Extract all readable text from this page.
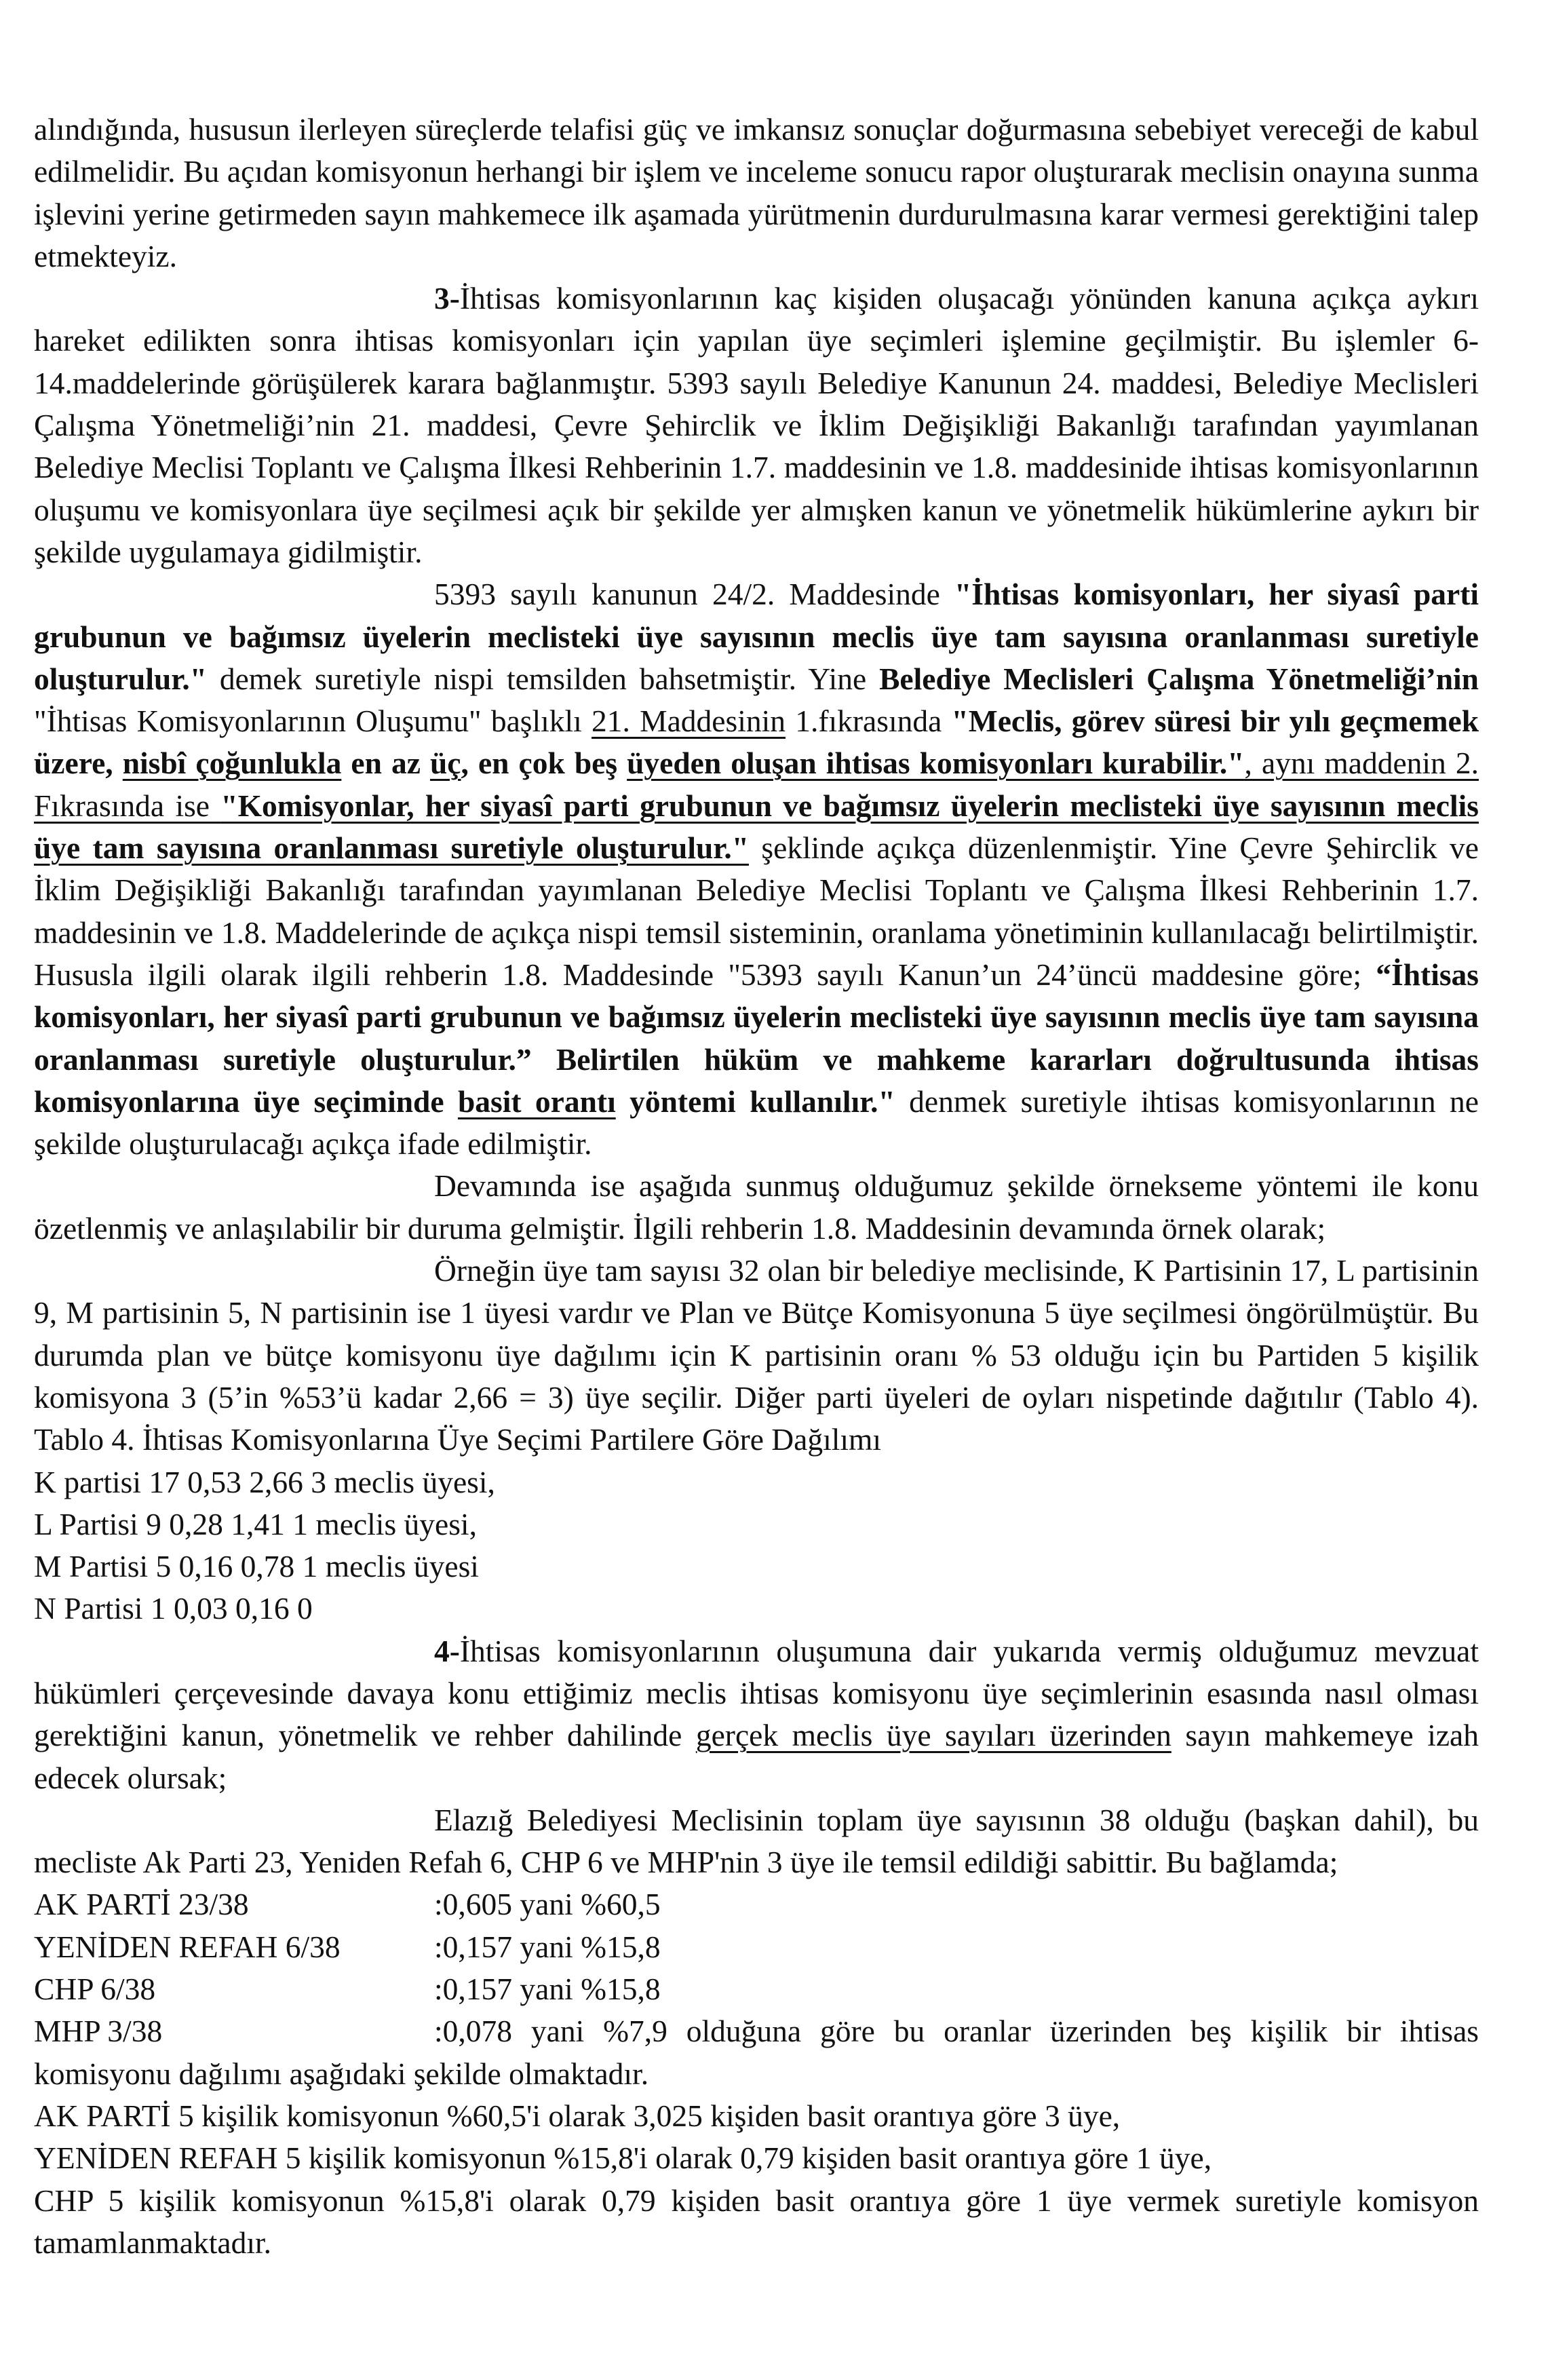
alındığında, hususun ilerleyen süreçlerde telafisi güç ve imkansız sonuçlar doğurmasına sebebiyet vereceği de kabul edilmelidir. Bu açıdan komisyonun herhangi bir işlem ve inceleme sonucu rapor oluşturarak meclisin onayına sunma işlevini yerine getirmeden sayın mahkemece ilk aşamada yürütmenin durdurulmasına karar vermesi gerektiğini talep etmekteyiz.

3-İhtisas komisyonlarının kaç kişiden oluşacağı yönünden kanuna açıkça aykırı hareket edilikten sonra ihtisas komisyonları için yapılan üye seçimleri işlemine geçilmiştir. Bu işlemler 6-14.maddelerinde görüşülerek karara bağlanmıştır. 5393 sayılı Belediye Kanunun 24. maddesi, Belediye Meclisleri Çalışma Yönetmeliği’nin 21. maddesi, Çevre Şehirclik ve İklim Değişikliği Bakanlığı tarafından yayımlanan Belediye Meclisi Toplantı ve Çalışma İlkesi Rehberinin 1.7. maddesinin ve 1.8. maddesinide ihtisas komisyonlarının oluşumu ve komisyonlara üye seçilmesi açık bir şekilde yer almışken kanun ve yönetmelik hükümlerine aykırı bir şekilde uygulamaya gidilmiştir.

5393 sayılı kanunun 24/2. Maddesinde "İhtisas komisyonları, her siyasî parti grubunun ve bağımsız üyelerin meclisteki üye sayısının meclis üye tam sayısına oranlanması suretiyle oluşturulur." demek suretiyle nispi temsilden bahsetmiştir. Yine Belediye Meclisleri Çalışma Yönetmeliği’nin "İhtisas Komisyonlarının Oluşumu" başlıklı 21. Maddesinin 1.fıkrasında "Meclis, görev süresi bir yılı geçmemek üzere, nisbî çoğunlukla en az üç, en çok beş üyeden oluşan ihtisas komisyonları kurabilir.", aynı maddenin 2. Fıkrasında ise "Komisyonlar, her siyasî parti grubunun ve bağımsız üyelerin meclisteki üye sayısının meclis üye tam sayısına oranlanması suretiyle oluşturulur." şeklinde açıkça düzenlenmiştir. Yine Çevre Şehirclik ve İklim Değişikliği Bakanlığı tarafından yayımlanan Belediye Meclisi Toplantı ve Çalışma İlkesi Rehberinin 1.7. maddesinin ve 1.8. Maddelerinde de açıkça nispi temsil sisteminin, oranlama yönetiminin kullanılacağı belirtilmiştir. Hususla ilgili olarak ilgili rehberin 1.8. Maddesinde "5393 sayılı Kanun’un 24’üncü maddesine göre; “İhtisas komisyonları, her siyasî parti grubunun ve bağımsız üyelerin meclisteki üye sayısının meclis üye tam sayısına oranlanması suretiyle oluşturulur.” Belirtilen hüküm ve mahkeme kararları doğrultusunda ihtisas komisyonlarına üye seçiminde basit orantı yöntemi kullanılır." denmek suretiyle ihtisas komisyonlarının ne şekilde oluşturulacağı açıkça ifade edilmiştir.

Devamında ise aşağıda sunmuş olduğumuz şekilde örnekseme yöntemi ile konu özetlenmiş ve anlaşılabilir bir duruma gelmiştir. İlgili rehberin 1.8. Maddesinin devamında örnek olarak;

Örneğin üye tam sayısı 32 olan bir belediye meclisinde, K Partisinin 17, L partisinin 9, M partisinin 5, N partisinin ise 1 üyesi vardır ve Plan ve Bütçe Komisyonuna 5 üye seçilmesi öngörülmüştür. Bu durumda plan ve bütçe komisyonu üye dağılımı için K partisinin oranı % 53 olduğu için bu Partiden 5 kişilik komisyona 3 (5’in %53’ü kadar 2,66 = 3) üye seçilir. Diğer parti üyeleri de oyları nispetinde dağıtılır (Tablo 4). Tablo 4. İhtisas Komisyonlarına Üye Seçimi Partilere Göre Dağılımı

K partisi 17 0,53 2,66 3 meclis üyesi,
L Partisi 9 0,28 1,41 1 meclis üyesi,
M Partisi 5 0,16 0,78 1 meclis üyesi
N Partisi 1 0,03 0,16 0

4-İhtisas komisyonlarının oluşumuna dair yukarıda vermiş olduğumuz mevzuat hükümleri çerçevesinde davaya konu ettiğimiz meclis ihtisas komisyonu üye seçimlerinin esasında nasıl olması gerektiğini kanun, yönetmelik ve rehber dahilinde gerçek meclis üye sayıları üzerinden sayın mahkemeye izah edecek olursak;

Elazığ Belediyesi Meclisinin toplam üye sayısının 38 olduğu (başkan dahil), bu mecliste Ak Parti 23, Yeniden Refah 6, CHP 6 ve MHP'nin 3 üye ile temsil edildiği sabittir. Bu bağlamda;

AK PARTİ 23/38	:0,605 yani %60,5
YENİDEN REFAH 6/38	:0,157 yani %15,8
CHP 6/38	:0,157 yani %15,8

MHP 3/38	:0,078 yani %7,9 olduğuna göre bu oranlar üzerinden beş kişilik bir ihtisas komisyonu dağılımı aşağıdaki şekilde olmaktadır.

AK PARTİ 5 kişilik komisyonun %60,5'i olarak 3,025 kişiden basit orantıya göre 3 üye,

YENİDEN REFAH 5 kişilik komisyonun %15,8'i olarak 0,79 kişiden basit orantıya göre 1 üye,

CHP 5 kişilik komisyonun %15,8'i olarak 0,79 kişiden basit orantıya göre 1 üye vermek suretiyle komisyon tamamlanmaktadır.
